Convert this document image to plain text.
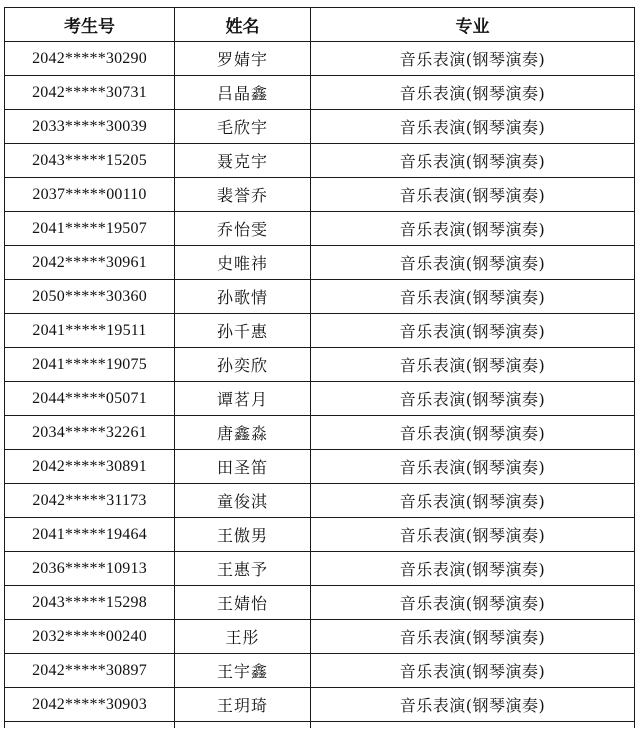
考生号	姓名	专业
2042*****30290	罗婧宇	音乐表演(钢琴演奏)
2042*****30731	吕晶鑫	音乐表演(钢琴演奏)
2033*****30039	毛欣宇	音乐表演(钢琴演奏)
2043*****15205	聂克宇	音乐表演(钢琴演奏)
2037*****00110	裴誉乔	音乐表演(钢琴演奏)
2041*****19507	乔怡雯	音乐表演(钢琴演奏)
2042*****30961	史唯祎	音乐表演(钢琴演奏)
2050*****30360	孙歌情	音乐表演(钢琴演奏)
2041*****19511	孙千惠	音乐表演(钢琴演奏)
2041*****19075	孙奕欣	音乐表演(钢琴演奏)
2044*****05071	谭茗月	音乐表演(钢琴演奏)
2034*****32261	唐鑫淼	音乐表演(钢琴演奏)
2042*****30891	田圣笛	音乐表演(钢琴演奏)
2042*****31173	童俊淇	音乐表演(钢琴演奏)
2041*****19464	王傲男	音乐表演(钢琴演奏)
2036*****10913	王惠予	音乐表演(钢琴演奏)
2043*****15298	王婧怡	音乐表演(钢琴演奏)
2032*****00240	王彤	音乐表演(钢琴演奏)
2042*****30897	王宇鑫	音乐表演(钢琴演奏)
2042*****30903	王玥琦	音乐表演(钢琴演奏)
